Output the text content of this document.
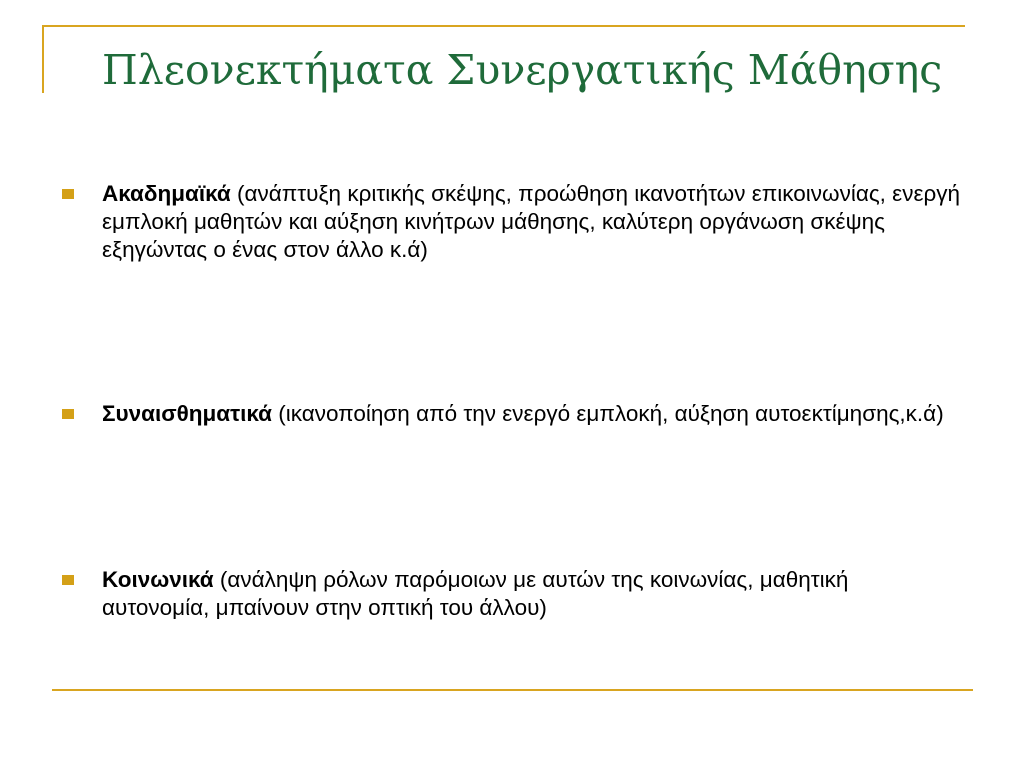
Πλεονεκτήματα Συνεργατικής Μάθησης
Ακαδημαϊκά (ανάπτυξη κριτικής σκέψης, προώθηση ικανοτήτων επικοινωνίας, ενεργή εμπλοκή μαθητών και αύξηση κινήτρων μάθησης, καλύτερη οργάνωση σκέψης εξηγώντας ο ένας στον άλλο κ.ά)
Συναισθηματικά (ικανοποίηση από την ενεργό εμπλοκή, αύξηση αυτοεκτίμησης,κ.ά)
Κοινωνικά (ανάληψη ρόλων παρόμοιων με αυτών της κοινωνίας, μαθητική αυτονομία, μπαίνουν στην οπτική του άλλου)
